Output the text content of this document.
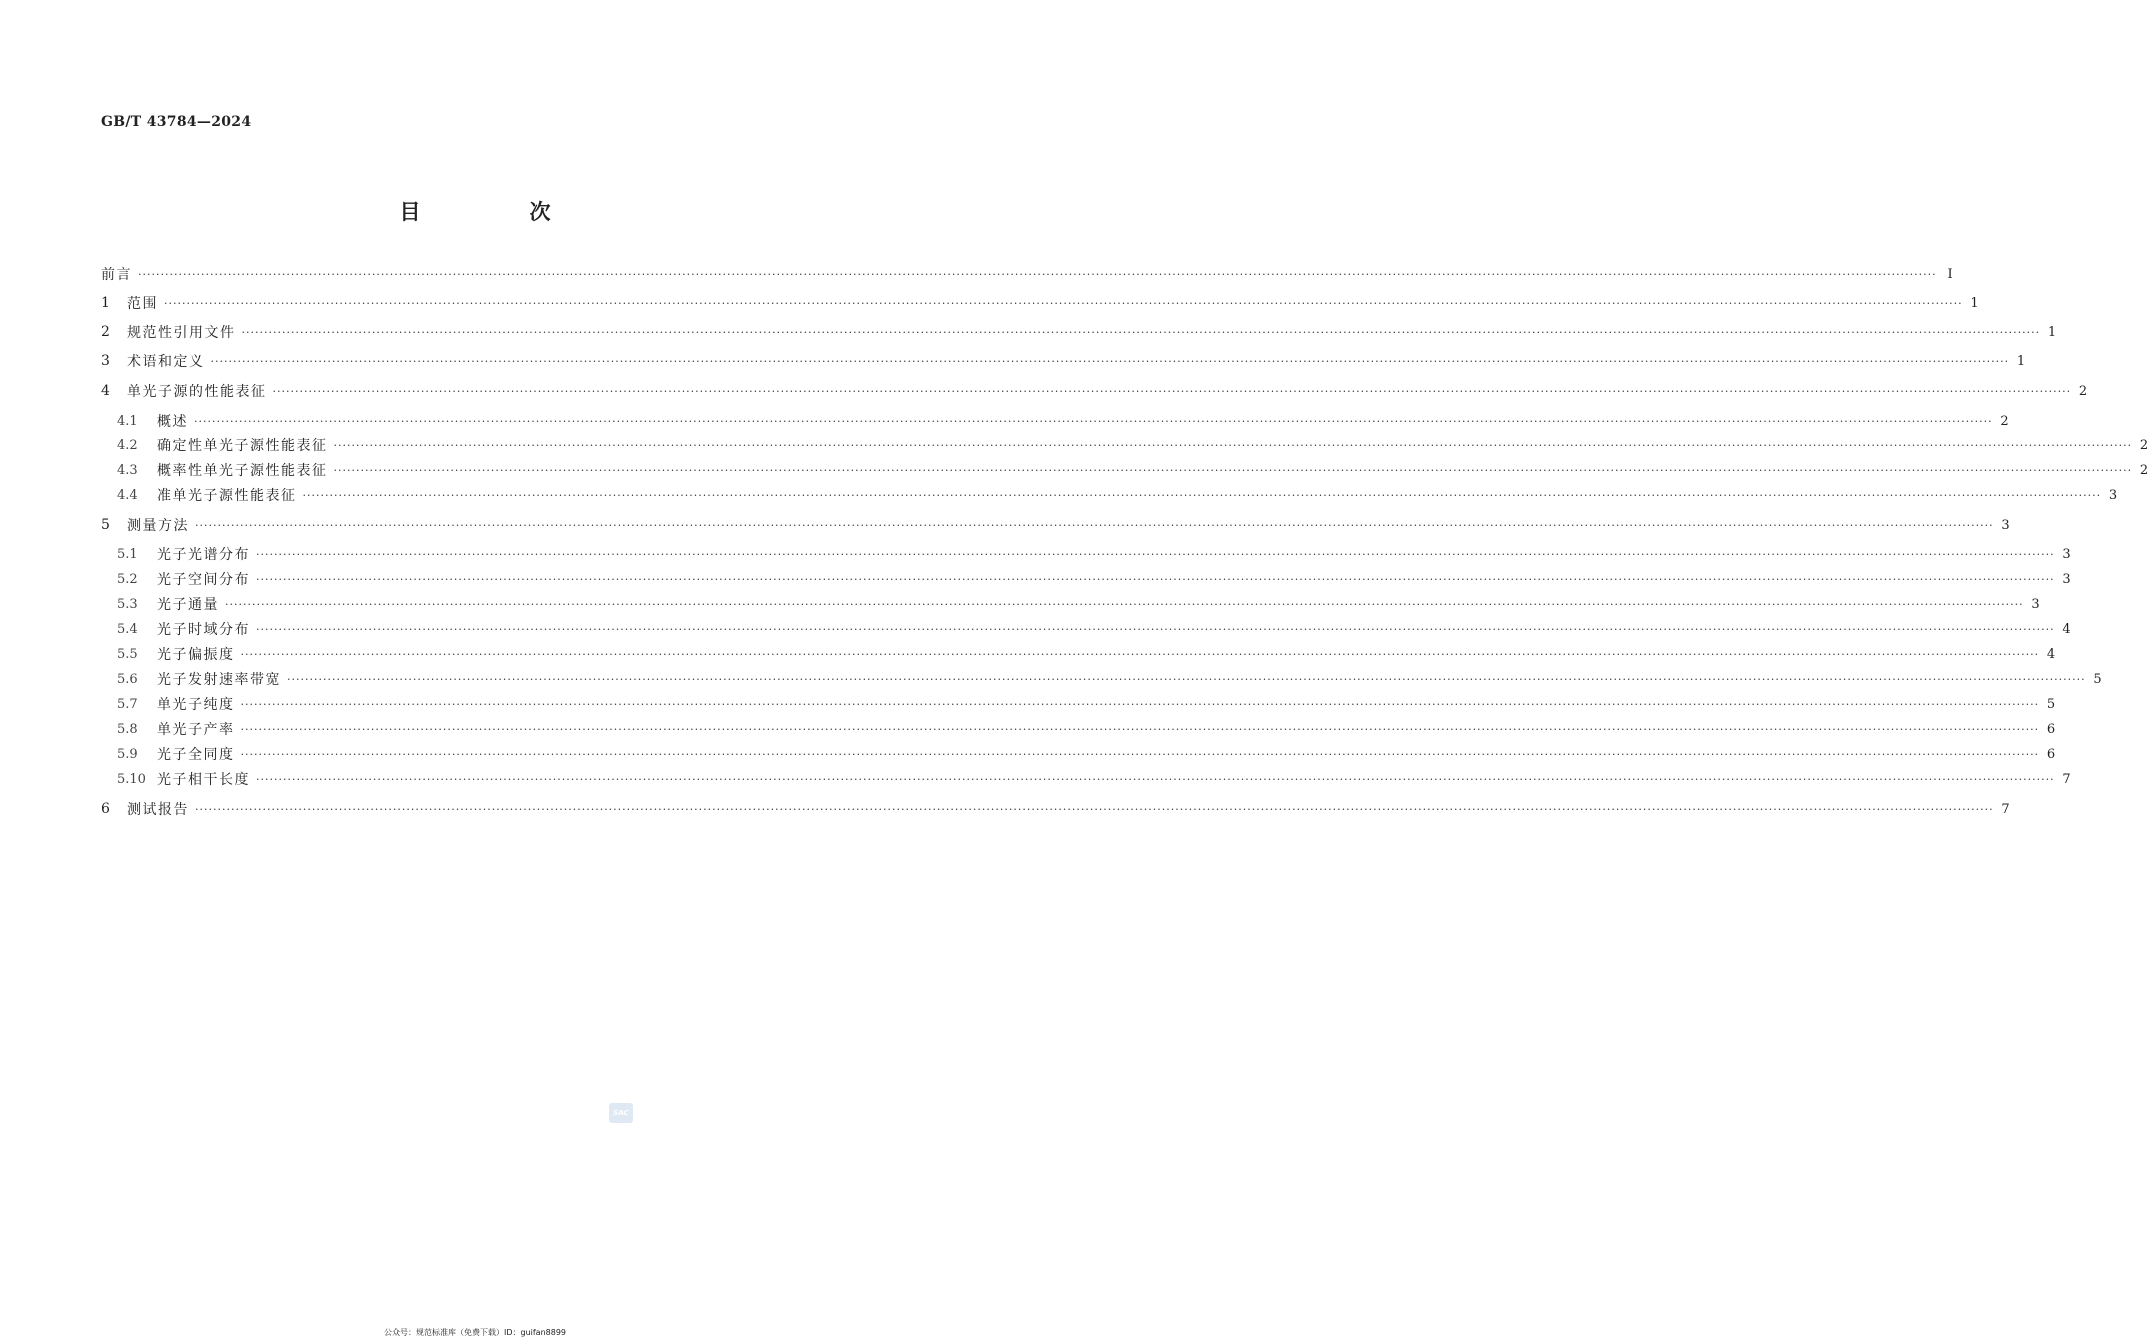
GB/T 43784—2024
目　次
前言 ················································································································································································································································································································································································································ I
1	范围 ················································································································································································································································································································································································································ 1
2	规范性引用文件 ················································································································································································································································································································································································································ 1
3	术语和定义 ················································································································································································································································································································································································································ 1
4	单光子源的性能表征 ················································································································································································································································································································································································································ 2
4.1	概述 ················································································································································································································································································································································································································ 2
4.2	确定性单光子源性能表征 ················································································································································································································································································································································································································ 2
4.3	概率性单光子源性能表征 ················································································································································································································································································································································································································ 2
4.4	准单光子源性能表征 ················································································································································································································································································································································································································ 3
5	测量方法 ················································································································································································································································································································································································································ 3
5.1	光子光谱分布 ················································································································································································································································································································································································································ 3
5.2	光子空间分布 ················································································································································································································································································································································································································ 3
5.3	光子通量 ················································································································································································································································································································································································································ 3
5.4	光子时域分布 ················································································································································································································································································································································································································ 4
5.5	光子偏振度 ················································································································································································································································································································································································································ 4
5.6	光子发射速率带宽 ················································································································································································································································································································································································································ 5
5.7	单光子纯度 ················································································································································································································································································································································································································ 5
5.8	单光子产率 ················································································································································································································································································································································································································ 6
5.9	光子全同度 ················································································································································································································································································································································································································ 6
5.10 光子相干长度 ················································································································································································································································································································································································································ 7
6	测试报告 ················································································································································································································································································································································································································ 7
SAC
公众号：规范标准库（免费下载）ID：guifan8899
